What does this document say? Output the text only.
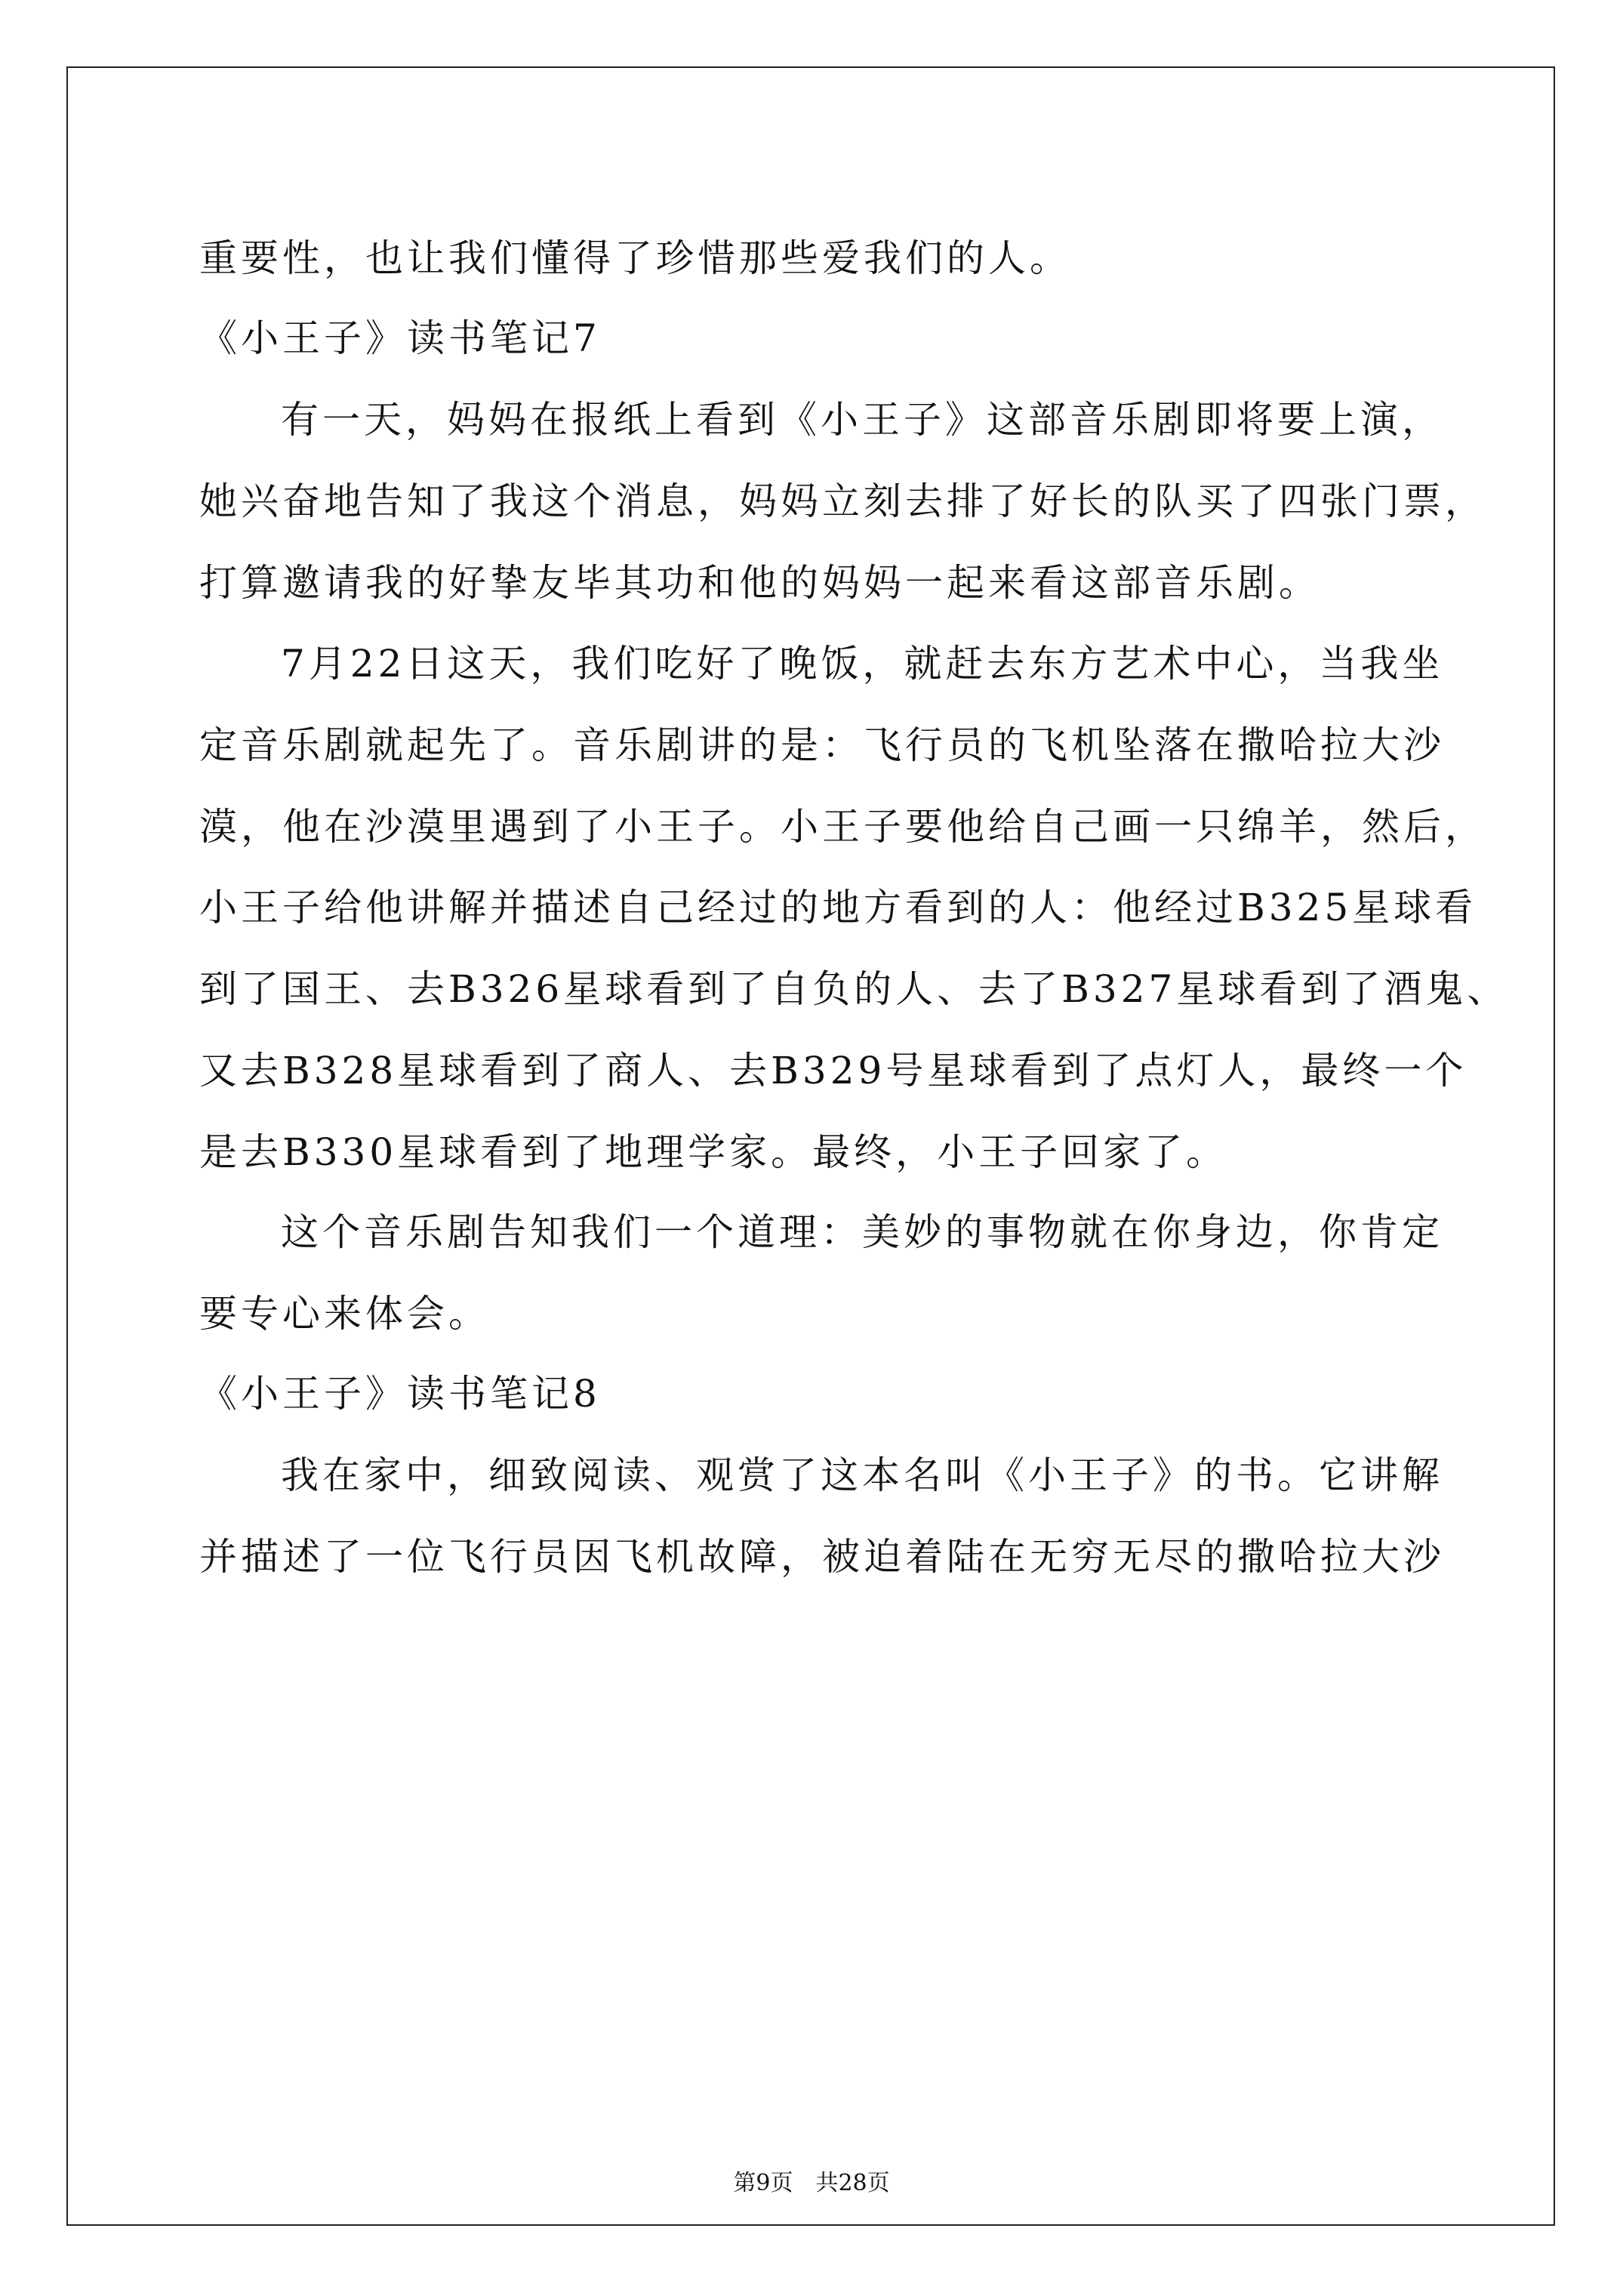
重要性，也让我们懂得了珍惜那些爱我们的人。
《小王子》读书笔记7
有一天，妈妈在报纸上看到《小王子》这部音乐剧即将要上演，
她兴奋地告知了我这个消息，妈妈立刻去排了好长的队买了四张门票，
打算邀请我的好挚友毕其功和他的妈妈一起来看这部音乐剧。
7月22日这天，我们吃好了晚饭，就赶去东方艺术中心，当我坐
定音乐剧就起先了。音乐剧讲的是：飞行员的飞机坠落在撒哈拉大沙
漠，他在沙漠里遇到了小王子。小王子要他给自己画一只绵羊，然后，
小王子给他讲解并描述自己经过的地方看到的人：他经过B325星球看
到了国王、去B326星球看到了自负的人、去了B327星球看到了酒鬼、
又去B328星球看到了商人、去B329号星球看到了点灯人，最终一个
是去B330星球看到了地理学家。最终，小王子回家了。
这个音乐剧告知我们一个道理：美妙的事物就在你身边，你肯定
要专心来体会。
《小王子》读书笔记8
我在家中，细致阅读、观赏了这本名叫《小王子》的书。它讲解
并描述了一位飞行员因飞机故障，被迫着陆在无穷无尽的撒哈拉大沙
第9页　共28页
